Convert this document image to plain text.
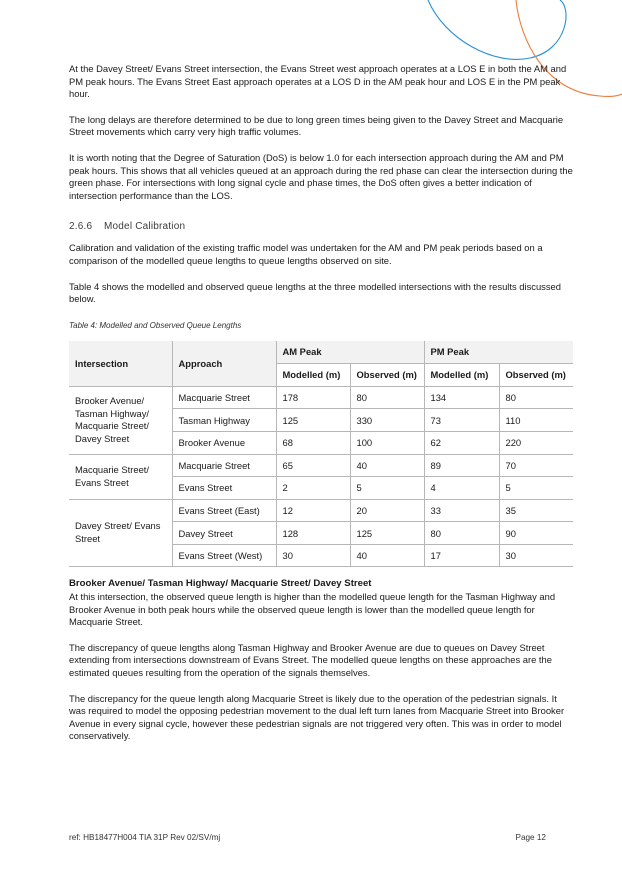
At the Davey Street/ Evans Street intersection, the Evans Street west approach operates at a LOS E in both the AM and PM peak hours. The Evans Street East approach operates at a LOS D in the AM peak hour and LOS E in the PM peak hour.

The long delays are therefore determined to be due to long green times being given to the Davey Street and Macquarie Street movements which carry very high traffic volumes.

It is worth noting that the Degree of Saturation (DoS) is below 1.0 for each intersection approach during the AM and PM peak hours. This shows that all vehicles queued at an approach during the red phase can clear the intersection during the green phase. For intersections with long signal cycle and phase times, the DoS often gives a better indication of intersection performance than the LOS.

2.6.6 Model Calibration

Calibration and validation of the existing traffic model was undertaken for the AM and PM peak periods based on a comparison of the modelled queue lengths to queue lengths observed on site.

Table 4 shows the modelled and observed queue lengths at the three modelled intersections with the results discussed below.

Table 4: Modelled and Observed Queue Lengths
Intersection	Approach	AM Peak		PM Peak	
		Modelled (m)	Observed (m)	Modelled (m)	Observed (m)
Brooker Avenue/ Tasman Highway/ Macquarie Street/ Davey Street	Macquarie Street	178	80	134	80
	Tasman Highway	125	330	73	110
	Brooker Avenue	68	100	62	220
Macquarie Street/ Evans Street	Macquarie Street	65	40	89	70
	Evans Street	2	5	4	5
Davey Street/ Evans Street	Evans Street (East)	12	20	33	35
	Davey Street	128	125	80	90
	Evans Street (West)	30	40	17	30
Brooker Avenue/ Tasman Highway/ Macquarie Street/ Davey Street

At this intersection, the observed queue length is higher than the modelled queue length for the Tasman Highway and Brooker Avenue in both peak hours while the observed queue length is lower than the modelled queue length for Macquarie Street.

The discrepancy of queue lengths along Tasman Highway and Brooker Avenue are due to queues on Davey Street extending from intersections downstream of Evans Street. The modelled queue lengths on these approaches are the estimated queues resulting from the operation of the signals themselves.

The discrepancy for the queue length along Macquarie Street is likely due to the operation of the pedestrian signals. It was required to model the opposing pedestrian movement to the dual left turn lanes from Macquarie Street into Brooker Avenue in every signal cycle, however these pedestrian signals are not triggered very often. This was in order to model conservatively.

ref: HB18477H004 TIA 31P Rev 02/SV/mj	Page 12
